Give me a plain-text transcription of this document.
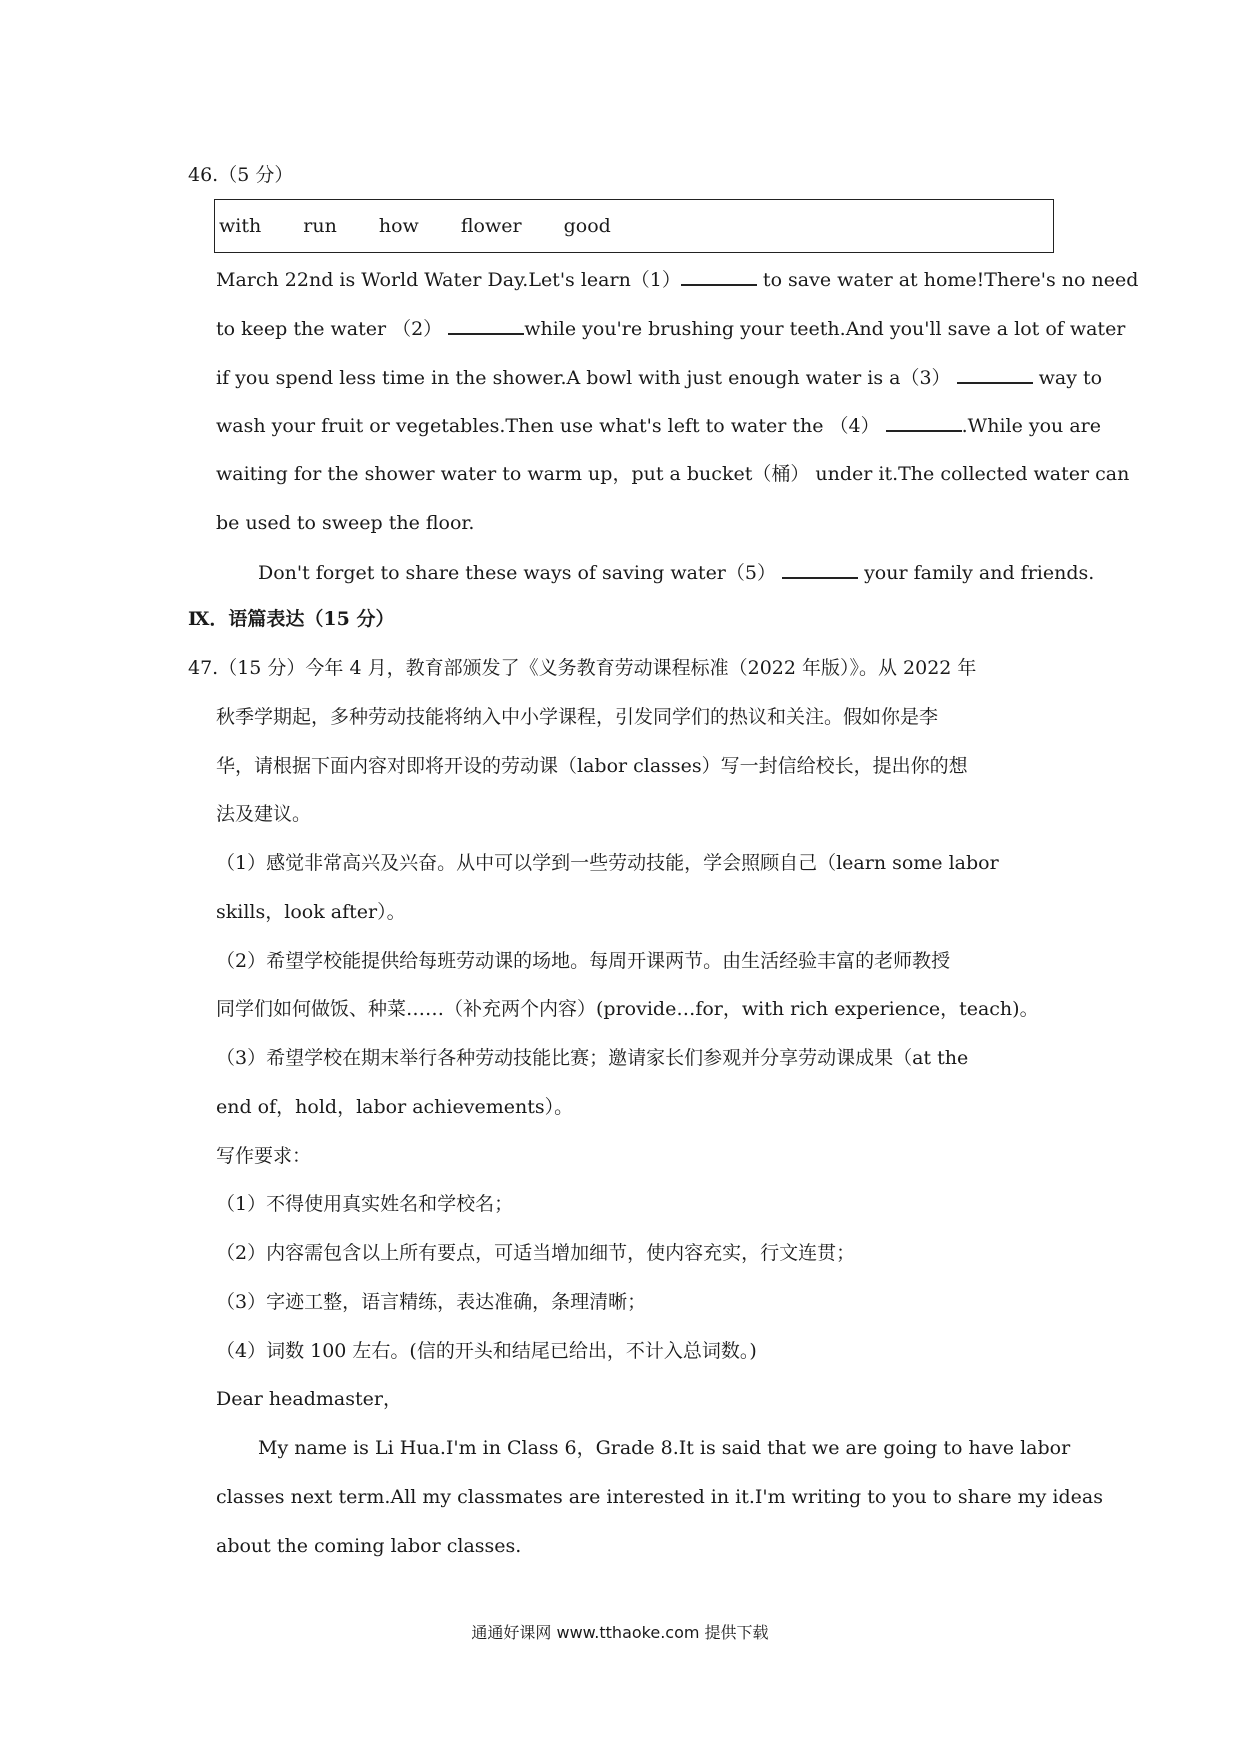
46.（5 分）
with run how flower good
March 22nd is World Water Day.Let's learn（1）	to save water at home!There's no need
to keep the water （2）	while you're brushing your teeth.And you'll save a lot of water
if you spend less time in the shower.A bowl with just enough water is a（3）	way to
wash your fruit or vegetables.Then use what's left to water the （4）	.While you are
waiting for the shower water to warm up，put a bucket（桶） under it.The collected water can
be used to sweep the floor.
Don't forget to share these ways of saving water（5）	your family and friends.
Ⅸ．语篇表达（15 分）
47.（15 分）今年 4 月，教育部颁发了《义务教育劳动课程标准（2022 年版）》。从 2022 年
秋季学期起，多种劳动技能将纳入中小学课程，引发同学们的热议和关注。假如你是李
华，请根据下面内容对即将开设的劳动课（labor classes）写一封信给校长，提出你的想
法及建议。
（1）感觉非常高兴及兴奋。从中可以学到一些劳动技能，学会照顾自己（learn some labor
skills，look after）。
（2）希望学校能提供给每班劳动课的场地。每周开课两节。由生活经验丰富的老师教授
同学们如何做饭、种菜……（补充两个内容）(provide…for，with rich experience，teach)。
（3）希望学校在期末举行各种劳动技能比赛；邀请家长们参观并分享劳动课成果（at the
end of，hold，labor achievements）。
写作要求：
（1）不得使用真实姓名和学校名；
（2）内容需包含以上所有要点，可适当增加细节，使内容充实，行文连贯；
（3）字迹工整，语言精练，表达准确，条理清晰；
（4）词数 100 左右。(信的开头和结尾已给出，不计入总词数。)
Dear headmaster，
My name is Li Hua.I'm in Class 6，Grade 8.It is said that we are going to have labor
classes next term.All my classmates are interested in it.I'm writing to you to share my ideas
about the coming labor classes.
通通好课网 www.tthaoke.com 提供下载
